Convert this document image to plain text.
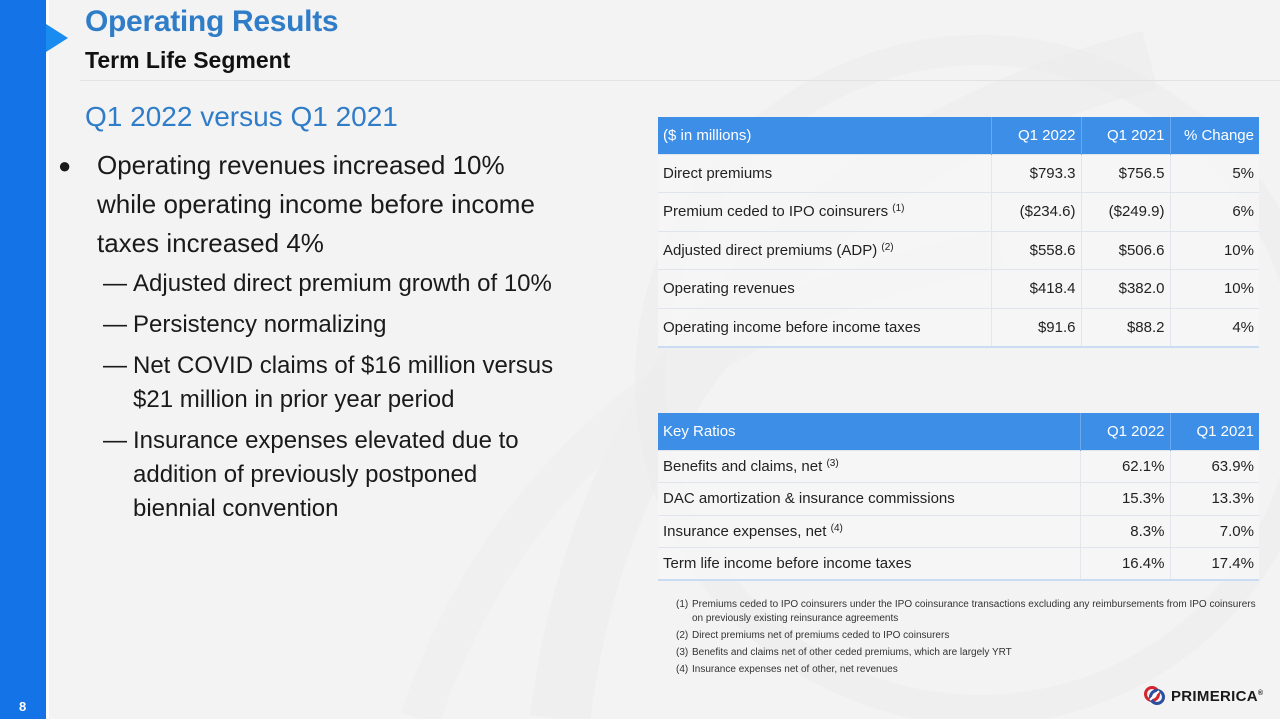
8
Operating Results
Term Life Segment
Q1 2022 versus Q1 2021
● Operating revenues increased 10% while operating income before income taxes increased 4%
— Adjusted direct premium growth of 10%
— Persistency normalizing
— Net COVID claims of $16 million versus $21 million in prior year period
— Insurance expenses elevated due to addition of previously postponed biennial convention
($ in millions)	Q1 2022	Q1 2021	% Change
Direct premiums	$793.3	$756.5	5%
Premium ceded to IPO coinsurers $^{(1)}$	($234.6)	($249.9)	6%
Adjusted direct premiums (ADP) $^{(2)}$	$558.6	$506.6	10%
Operating revenues	$418.4	$382.0	10%
Operating income before income taxes	$91.6	$88.2	4%
Key Ratios	Q1 2022	Q1 2021
Benefits and claims, net $^{(3)}$	62.1%	63.9%
DAC amortization & insurance commissions	15.3%	13.3%
Insurance expenses, net $^{(4)}$	8.3%	7.0%
Term life income before income taxes	16.4%	17.4%
(1) Premiums ceded to IPO coinsurers under the IPO coinsurance transactions excluding any reimbursements from IPO coinsurers on previously existing reinsurance agreements
(2) Direct premiums net of premiums ceded to IPO coinsurers
(3) Benefits and claims net of other ceded premiums, which are largely YRT
(4) Insurance expenses net of other, net revenues
PRIMERICA®
